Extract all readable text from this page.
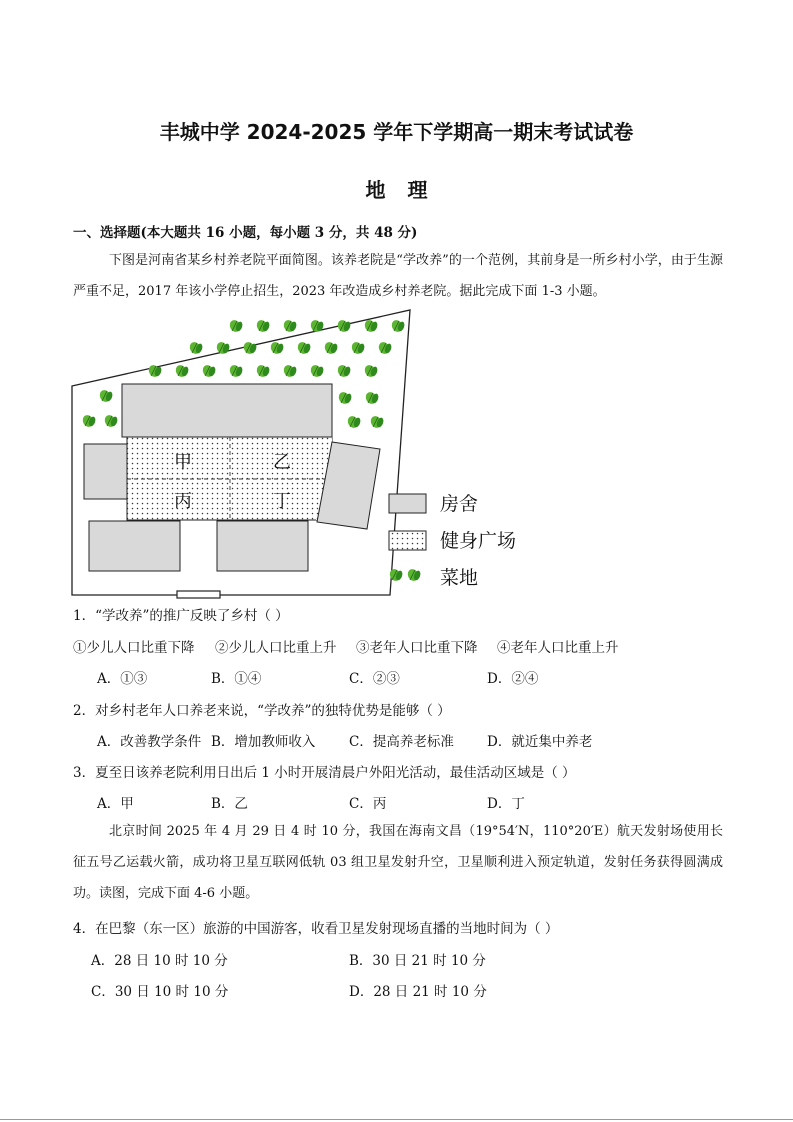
丰城中学 2024-2025 学年下学期高一期末考试试卷
地理
一、选择题(本大题共 16 小题，每小题 3 分，共 48 分)
下图是河南省某乡村养老院平面简图。该养老院是“学改养”的一个范例，其前身是一所乡村小学，由于生源严重不足，2017 年该小学停止招生，2023 年改造成乡村养老院。据此完成下面 1-3 小题。
甲	乙
丙	丁	房舍
健身广场
菜地
1．“学改养”的推广反映了乡村（ ）
①少儿人口比重下降 ②少儿人口比重上升 ③老年人口比重下降 ④老年人口比重上升
A．①③	B．①④	C．②③	D．②④
2．对乡村老年人口养老来说，“学改养”的独特优势是能够（ ）
A．改善教学条件 B．增加教师收入 C．提高养老标准 D．就近集中养老
3．夏至日该养老院利用日出后 1 小时开展清晨户外阳光活动，最佳活动区域是（ ）
A．甲	B．乙	C．丙	D．丁
北京时间 2025 年 4 月 29 日 4 时 10 分，我国在海南文昌（19°54′N，110°20′E）航天发射场使用长征五号乙运载火箭，成功将卫星互联网低轨 03 组卫星发射升空，卫星顺利进入预定轨道，发射任务获得圆满成功。读图，完成下面 4-6 小题。
4．在巴黎（东一区）旅游的中国游客，收看卫星发射现场直播的当地时间为（ ）
A．28 日 10 时 10 分	B．30 日 21 时 10 分
C．30 日 10 时 10 分	D．28 日 21 时 10 分
